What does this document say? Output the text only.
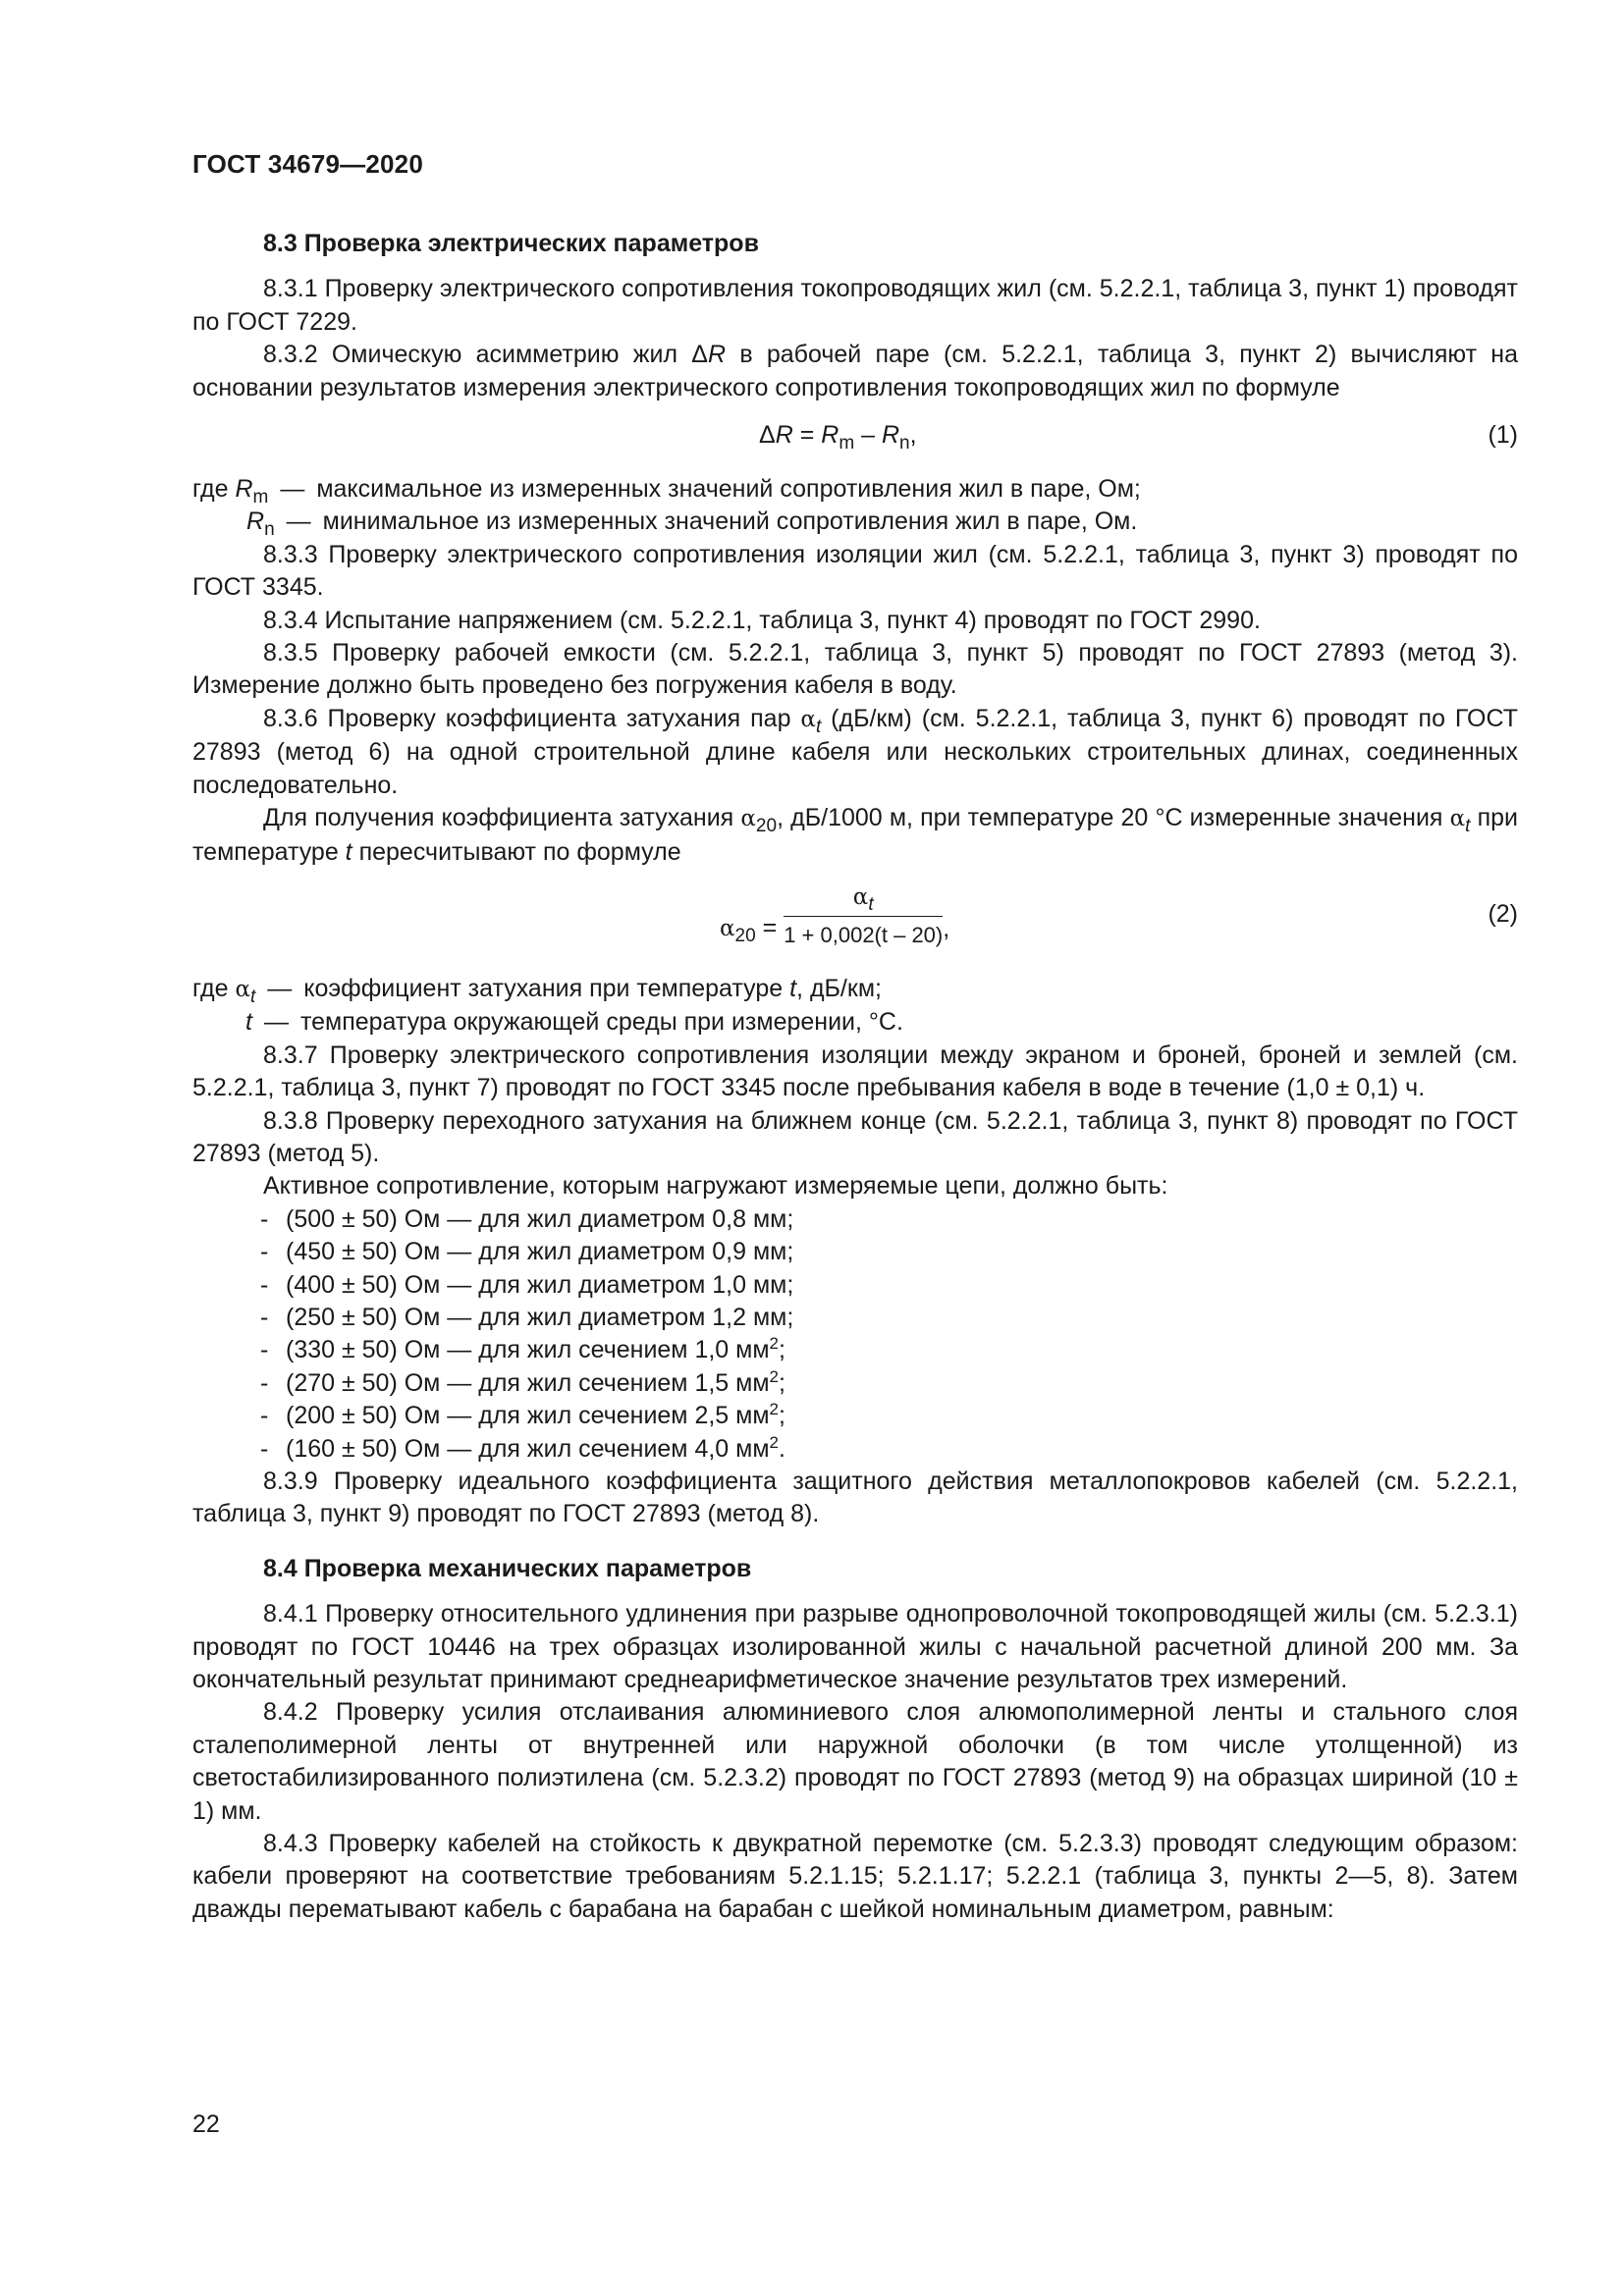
ГОСТ 34679—2020
8.3 Проверка электрических параметров

8.3.1 Проверку электрического сопротивления токопроводящих жил (см. 5.2.2.1, таблица 3, пункт 1) проводят по ГОСТ 7229.

8.3.2 Омическую асимметрию жил ΔR в рабочей паре (см. 5.2.2.1, таблица 3, пункт 2) вычисляют на основании результатов измерения электрического сопротивления токопроводящих жил по формуле

$\Delta R = R_m - R_n$,	(1)

где $R_m$ — максимальное из измеренных значений сопротивления жил в паре, Ом;

$R_n$ — минимальное из измеренных значений сопротивления жил в паре, Ом.

8.3.3 Проверку электрического сопротивления изоляции жил (см. 5.2.2.1, таблица 3, пункт 3) проводят по ГОСТ 3345.

8.3.4 Испытание напряжением (см. 5.2.2.1, таблица 3, пункт 4) проводят по ГОСТ 2990.

8.3.5 Проверку рабочей емкости (см. 5.2.2.1, таблица 3, пункт 5) проводят по ГОСТ 27893 (метод 3). Измерение должно быть проведено без погружения кабеля в воду.

8.3.6 Проверку коэффициента затухания пар $\alpha_t$ (дБ/км) (см. 5.2.2.1, таблица 3, пункт 6) проводят по ГОСТ 27893 (метод 6) на одной строительной длине кабеля или нескольких строительных длинах, соединенных последовательно.

Для получения коэффициента затухания $\alpha_{20}$, дБ/1000 м, при температуре 20 °C измеренные значения $\alpha_t$ при температуре t пересчитывают по формуле

$\alpha_{20} = \frac{\alpha_t}{1 + 0,002(t - 20)}$ ,
(2)

где $\alpha_t$ — коэффициент затухания при температуре t, дБ/км;

t — температура окружающей среды при измерении, °C.

8.3.7 Проверку электрического сопротивления изоляции между экраном и броней, броней и землей (см. 5.2.2.1, таблица 3, пункт 7) проводят по ГОСТ 3345 после пребывания кабеля в воде в течение (1,0 ± 0,1) ч.

8.3.8 Проверку переходного затухания на ближнем конце (см. 5.2.2.1, таблица 3, пункт 8) проводят по ГОСТ 27893 (метод 5).

Активное сопротивление, которым нагружают измеряемые цепи, должно быть:

- (500 ± 50) Ом — для жил диаметром 0,8 мм;

- (450 ± 50) Ом — для жил диаметром 0,9 мм;

- (400 ± 50) Ом — для жил диаметром 1,0 мм;

- (250 ± 50) Ом — для жил диаметром 1,2 мм;

- (330 ± 50) Ом — для жил сечением 1,0 $мм^2$;

- (270 ± 50) Ом — для жил сечением 1,5 $мм^2$;

- (200 ± 50) Ом — для жил сечением 2,5 $мм^2$;

- (160 ± 50) Ом — для жил сечением 4,0 $мм^2$.

8.3.9 Проверку идеального коэффициента защитного действия металлопокровов кабелей (см. 5.2.2.1, таблица 3, пункт 9) проводят по ГОСТ 27893 (метод 8).

8.4 Проверка механических параметров

8.4.1 Проверку относительного удлинения при разрыве однопроволочной токопроводящей жилы (см. 5.2.3.1) проводят по ГОСТ 10446 на трех образцах изолированной жилы с начальной расчетной длиной 200 мм. За окончательный результат принимают среднеарифметическое значение результатов трех измерений.

8.4.2 Проверку усилия отслаивания алюминиевого слоя алюмополимерной ленты и стального слоя сталеполимерной ленты от внутренней или наружной оболочки (в том числе утолщенной) из светостабилизированного полиэтилена (см. 5.2.3.2) проводят по ГОСТ 27893 (метод 9) на образцах шириной (10 ± 1) мм.

8.4.3 Проверку кабелей на стойкость к двукратной перемотке (см. 5.2.3.3) проводят следующим образом: кабели проверяют на соответствие требованиям 5.2.1.15; 5.2.1.17; 5.2.2.1 (таблица 3, пункты 2—5, 8). Затем дважды перематывают кабель с барабана на барабан с шейкой номинальным диаметром, равным:

22
